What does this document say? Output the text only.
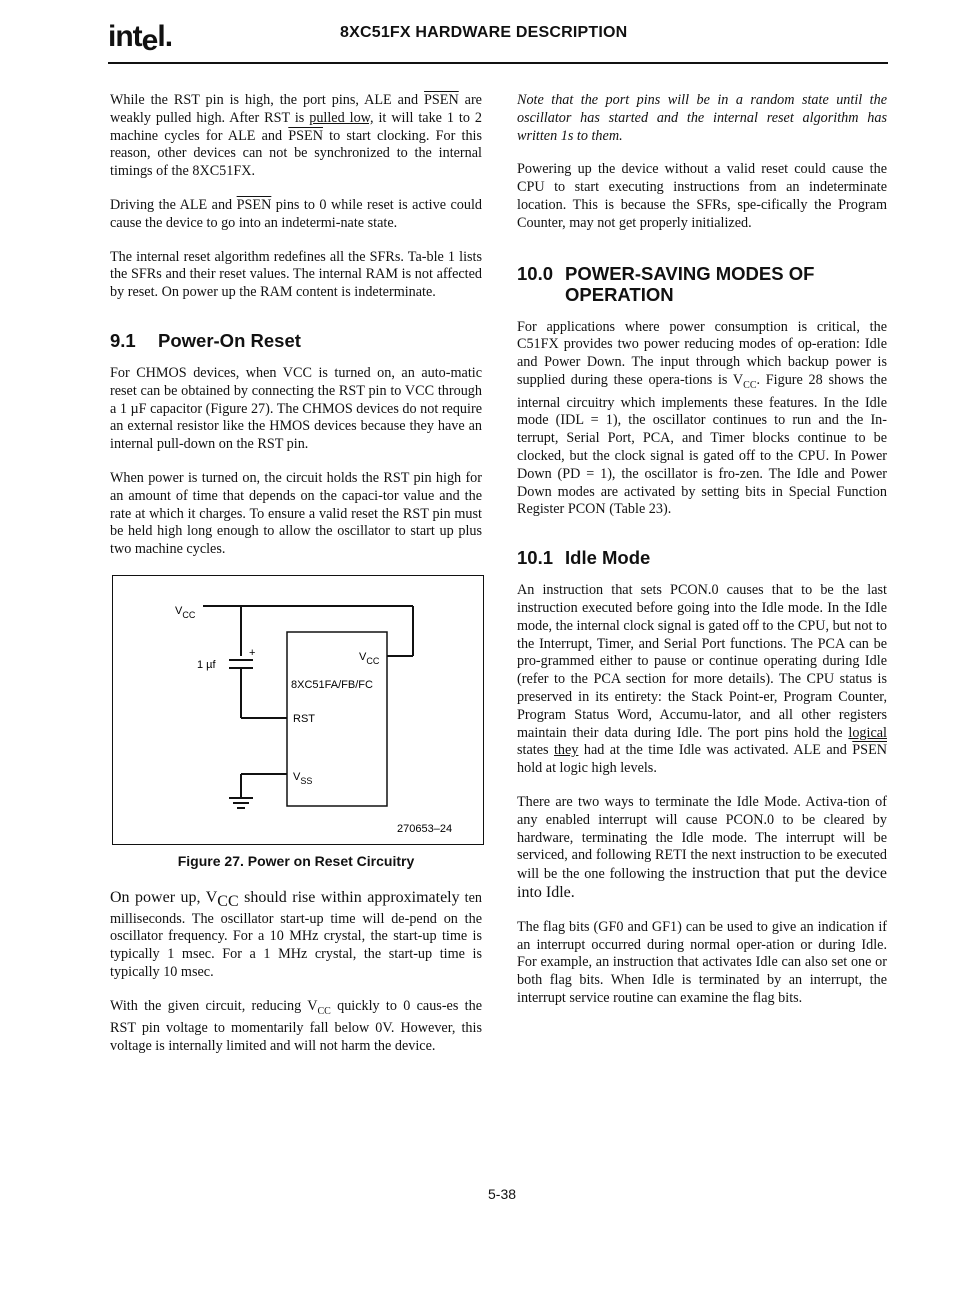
intel.	8XC51FX HARDWARE DESCRIPTION

While the RST pin is high, the port pins, ALE and PSEN are weakly pulled high. After RST is pulled low, it will take 1 to 2 machine cycles for ALE and PSEN to start clocking. For this reason, other devices can not be synchronized to the internal timings of the 8XC51FX.

Driving the ALE and PSEN pins to 0 while reset is active could cause the device to go into an indetermi-nate state.

The internal reset algorithm redefines all the SFRs. Ta-ble 1 lists the SFRs and their reset values. The internal RAM is not affected by reset. On power up the RAM content is indeterminate.

9.1 Power-On Reset

For CHMOS devices, when VCC is turned on, an auto-matic reset can be obtained by connecting the RST pin to VCC through a 1 µF capacitor (Figure 27). The CHMOS devices do not require an external resistor like the HMOS devices because they have an internal pull-down on the RST pin.

When power is turned on, the circuit holds the RST pin high for an amount of time that depends on the capaci-tor value and the rate at which it charges. To ensure a valid reset the RST pin must be held high long enough to allow the oscillator to start up plus two machine cycles.

$V_{CC}$
+
1 µf
$V_{CC}$
8XC51FA/FB/FC
RST
$V_{SS}$
270653–24
Figure 27. Power on Reset Circuitry

On power up, $V_{CC}$ should rise within approximately ten milliseconds. The oscillator start-up time will de-pend on the oscillator frequency. For a 10 MHz crystal, the start-up time is typically 1 msec. For a 1 MHz crystal, the start-up time is typically 10 msec.

With the given circuit, reducing $V_{CC}$ quickly to 0 caus-es the RST pin voltage to momentarily fall below 0V. However, this voltage is internally limited and will not harm the device.

Note that the port pins will be in a random state until the oscillator has started and the internal reset algorithm has written 1s to them.

Powering up the device without a valid reset could cause the CPU to start executing instructions from an indeterminate location. This is because the SFRs, spe-cifically the Program Counter, may not get properly initialized.

10.0 POWER-SAVING MODES OF
OPERATION

For applications where power consumption is critical, the C51FX provides two power reducing modes of op-eration: Idle and Power Down. The input through which backup power is supplied during these opera-tions is $V_{CC}$. Figure 28 shows the internal circuitry which implements these features. In the Idle mode (IDL = 1), the oscillator continues to run and the In-terrupt, Serial Port, PCA, and Timer blocks continue to be clocked, but the clock signal is gated off to the CPU. In Power Down (PD = 1), the oscillator is fro-zen. The Idle and Power Down modes are activated by setting bits in Special Function Register PCON (Table 23).

10.1 Idle Mode

An instruction that sets PCON.0 causes that to be the last instruction executed before going into the Idle mode. In the Idle mode, the internal clock signal is gated off to the CPU, but not to the Interrupt, Timer, and Serial Port functions. The PCA can be pro-grammed either to pause or continue operating during Idle (refer to the PCA section for more details). The CPU status is preserved in its entirety: the Stack Point-er, Program Counter, Program Status Word, Accumu-lator, and all other registers maintain their data during Idle. The port pins hold the logical states they had at the time Idle was activated. ALE and PSEN hold at logic high levels.

There are two ways to terminate the Idle Mode. Activa-tion of any enabled interrupt will cause PCON.0 to be cleared by hardware, terminating the Idle mode. The interrupt will be serviced, and following RETI the next instruction to be executed will be the one following the instruction that put the device into Idle.

The flag bits (GF0 and GF1) can be used to give an indication if an interrupt occurred during normal oper-ation or during Idle. For example, an instruction that activates Idle can also set one or both flag bits. When Idle is terminated by an interrupt, the interrupt service routine can examine the flag bits.

5-38
